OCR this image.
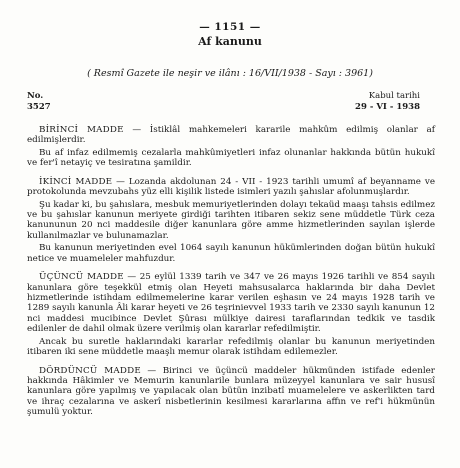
— 1151 —
Af kanunu
( Resmî Gazete ile neşir ve ilânı : 16/VII/1938 - Sayı : 3961)
No.
3527
Kabul tarihi
29 - VI - 1938

BİRİNCİ MADDE — İstiklâl mahkemeleri kararile mahkûm edilmiş olanlar af edilmişlerdir.

Bu af infaz edilmemiş cezalarla mahkûmiyetleri infaz olunanlar hakkında bütün hukukî ve fer'î netayiç ve tesiratına şamildir.

İKİNCİ MADDE — Lozanda akdolunan 24 - VII - 1923 tarihli umumî af beyanname ve protokolunda mevzubahs yüz elli kişilik listede isimleri yazılı şahıslar afolunmuşlardır.

Şu kadar ki, bu şahıslara, mesbuk memuriyetlerinden dolayı tekaüd maaşı tahsis edilmez ve bu şahıslar kanunun meriyete girdiği tarihten itibaren sekiz sene müddetle Türk ceza kanununun 20 nci maddesile diğer kanunlara göre amme hizmetlerinden sayılan işlerde kullanılmazlar ve bulunamazlar.

Bu kanunun meriyetinden evel 1064 sayılı kanunun hükümlerinden doğan bütün hukukî netice ve muameleler mahfuzdur.

ÜÇÜNCÜ MADDE — 25 eylül 1339 tarih ve 347 ve 26 mayıs 1926 tarihli ve 854 sayılı kanunlara göre teşekkül etmiş olan Heyeti mahsusalarca haklarında bir daha Devlet hizmetlerinde istihdam edilmemelerine karar verilen eşhasın ve 24 mayıs 1928 tarih ve 1289 sayılı kanunla Âli karar heyeti ve 26 teşrinievvel 1933 tarih ve 2330 sayılı kanunun 12 nci maddesi mucibince Devlet Şûrası mülkiye dairesi taraflarından tedkik ve tasdik edilenler de dahil olmak üzere verilmiş olan kararlar refedilmiştir.

Ancak bu suretle haklarındaki kararlar refedilmiş olanlar bu kanunun meriyetinden itibaren iki sene müddetle maaşlı memur olarak istihdam edilemezler.

DÖRDÜNCÜ MADDE — Birinci ve üçüncü maddeler hükmünden istifade edenler hakkında Hâkimler ve Memurin kanunlarile bunlara müzeyyel kanunlara ve sair hususî kanunlara göre yapılmış ve yapılacak olan bütün inzibatî muamelelere ve askerlikten tard ve ihraç cezalarına ve askerî nisbetlerinin kesilmesi kararlarına affın ve ref'i hükmünün şumulü yoktur.
